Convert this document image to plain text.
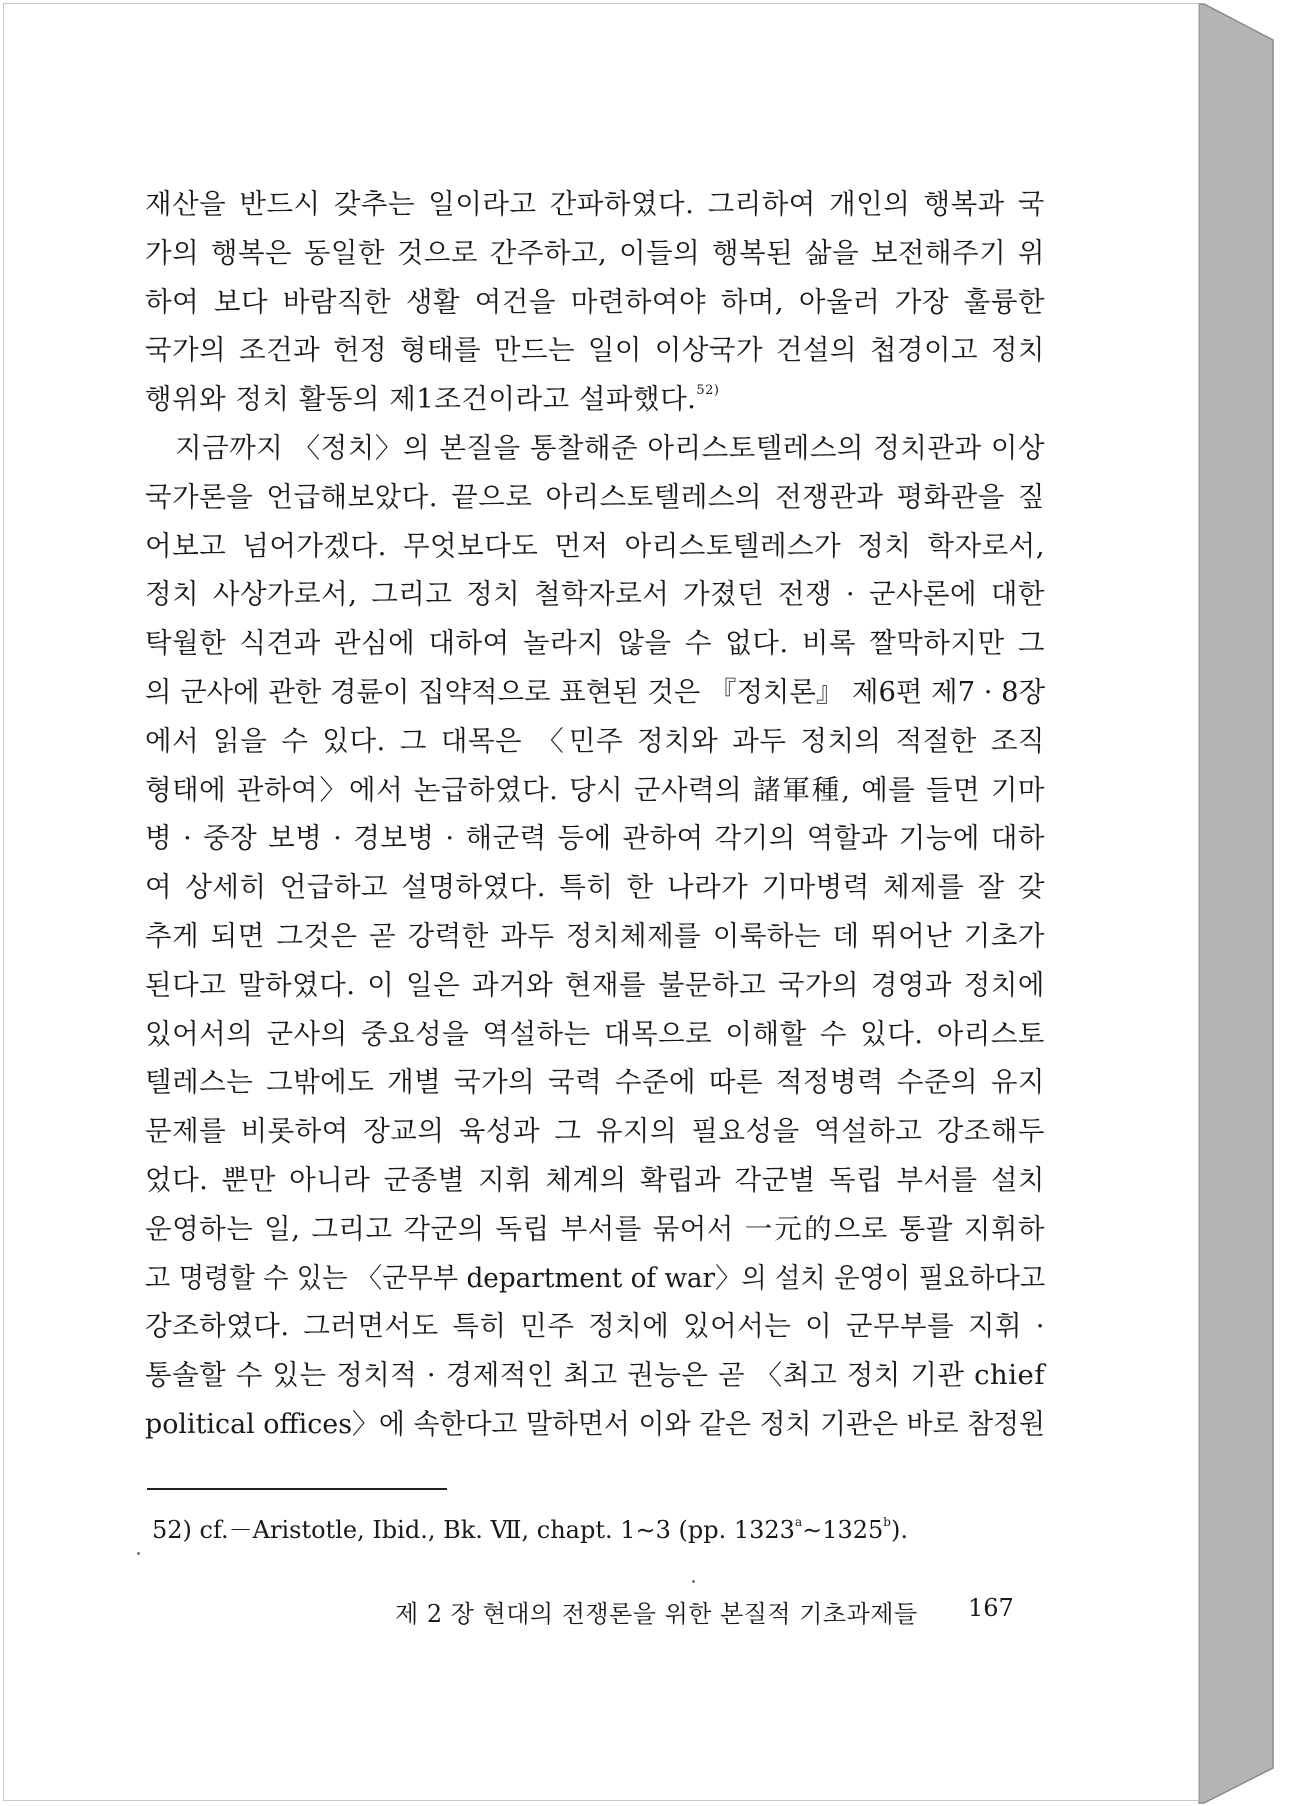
재산을 반드시 갖추는 일이라고 간파하였다. 그리하여 개인의 행복과 국
가의 행복은 동일한 것으로 간주하고, 이들의 행복된 삶을 보전해주기 위
하여 보다 바람직한 생활 여건을 마련하여야 하며, 아울러 가장 훌륭한
국가의 조건과 헌정 형태를 만드는 일이 이상국가 건설의 첩경이고 정치
행위와 정치 활동의 제1조건이라고 설파했다.$^{52)}$
지금까지 〈정치〉의 본질을 통찰해준 아리스토텔레스의 정치관과 이상
국가론을 언급해보았다. 끝으로 아리스토텔레스의 전쟁관과 평화관을 짚
어보고 넘어가겠다. 무엇보다도 먼저 아리스토텔레스가 정치 학자로서,
정치 사상가로서, 그리고 정치 철학자로서 가졌던 전쟁 · 군사론에 대한
탁월한 식견과 관심에 대하여 놀라지 않을 수 없다. 비록 짤막하지만 그
의 군사에 관한 경륜이 집약적으로 표현된 것은 『정치론』 제6편 제7 · 8장
에서 읽을 수 있다. 그 대목은 〈민주 정치와 과두 정치의 적절한 조직
형태에 관하여〉에서 논급하였다. 당시 군사력의 諸軍種, 예를 들면 기마
병 · 중장 보병 · 경보병 · 해군력 등에 관하여 각기의 역할과 기능에 대하
여 상세히 언급하고 설명하였다. 특히 한 나라가 기마병력 체제를 잘 갖
추게 되면 그것은 곧 강력한 과두 정치체제를 이룩하는 데 뛰어난 기초가
된다고 말하였다. 이 일은 과거와 현재를 불문하고 국가의 경영과 정치에
있어서의 군사의 중요성을 역설하는 대목으로 이해할 수 있다. 아리스토
텔레스는 그밖에도 개별 국가의 국력 수준에 따른 적정병력 수준의 유지
문제를 비롯하여 장교의 육성과 그 유지의 필요성을 역설하고 강조해두
었다. 뿐만 아니라 군종별 지휘 체계의 확립과 각군별 독립 부서를 설치
운영하는 일, 그리고 각군의 독립 부서를 묶어서 一元的으로 통괄 지휘하
고 명령할 수 있는 〈군무부 department of war〉의 설치 운영이 필요하다고
강조하였다. 그러면서도 특히 민주 정치에 있어서는 이 군무부를 지휘 ·
통솔할 수 있는 정치적 · 경제적인 최고 권능은 곧 〈최고 정치 기관 chief
political offices〉에 속한다고 말하면서 이와 같은 정치 기관은 바로 참정원
52) cf.－Aristotle, Ibid., Bk. Ⅶ, chapt. 1∼3 (pp. 1323$^a$∼1325$^b$).
제 2 장 현대의 전쟁론을 위한 본질적 기초과제들 167
